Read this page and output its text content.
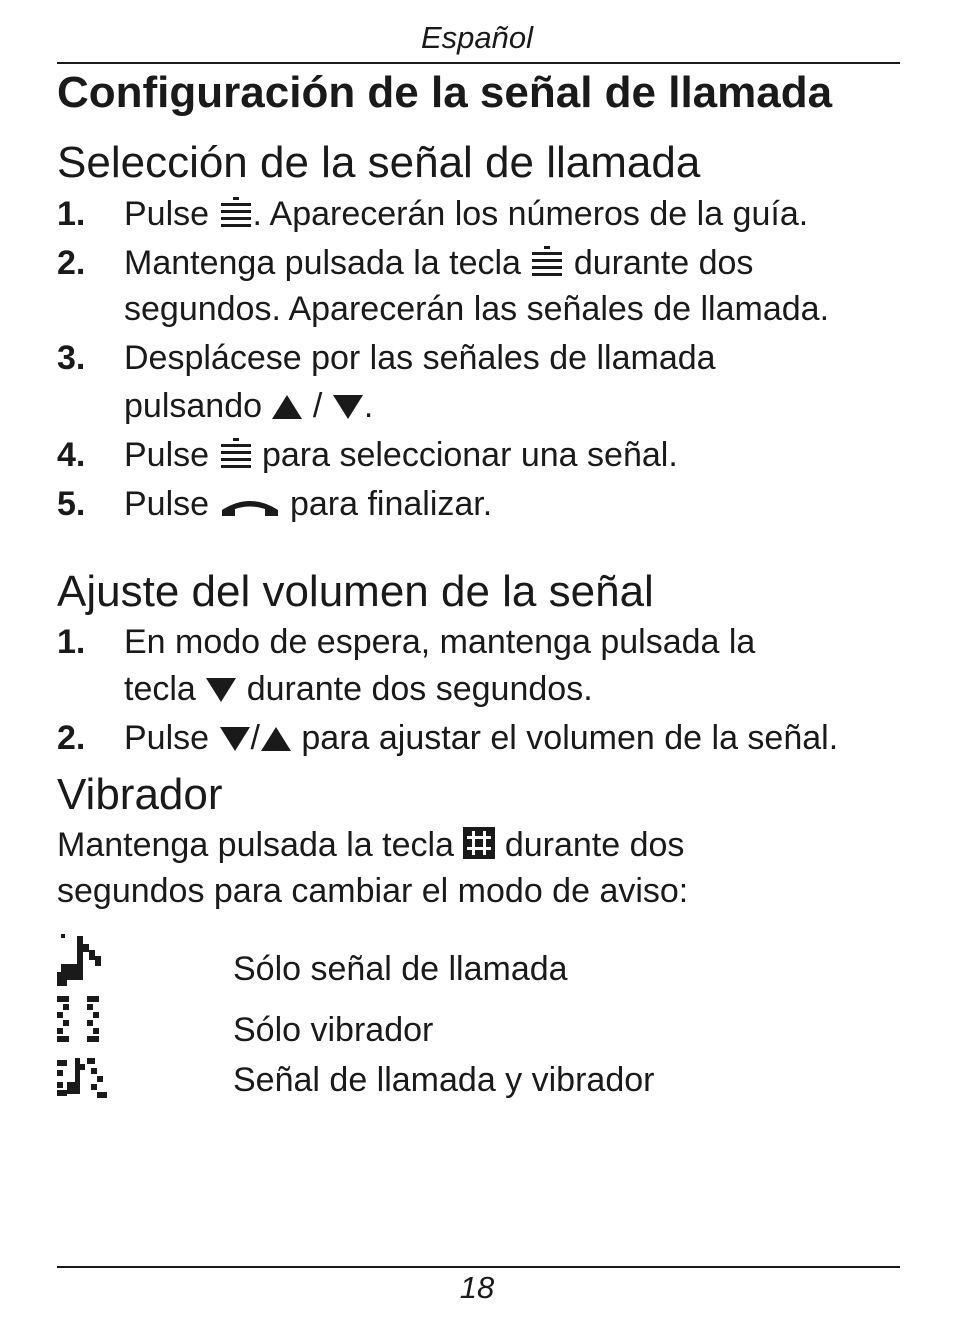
Español
Configuración de la señal de llamada
Selección de la señal de llamada
1. Pulse . Aparecerán los números de la guía.
2. Mantenga pulsada la tecla  durante dos
segundos. Aparecerán las señales de llamada.
3. Desplácese por las señales de llamada
pulsando  / .
4. Pulse  para seleccionar una señal.
5. Pulse  para finalizar.
Ajuste del volumen de la señal
1. En modo de espera, mantenga pulsada la
tecla  durante dos segundos.
2. Pulse / para ajustar el volumen de la señal.
Vibrador
Mantenga pulsada la tecla  durante dos
segundos para cambiar el modo de aviso:
Sólo señal de llamada
Sólo vibrador
Señal de llamada y vibrador
18
